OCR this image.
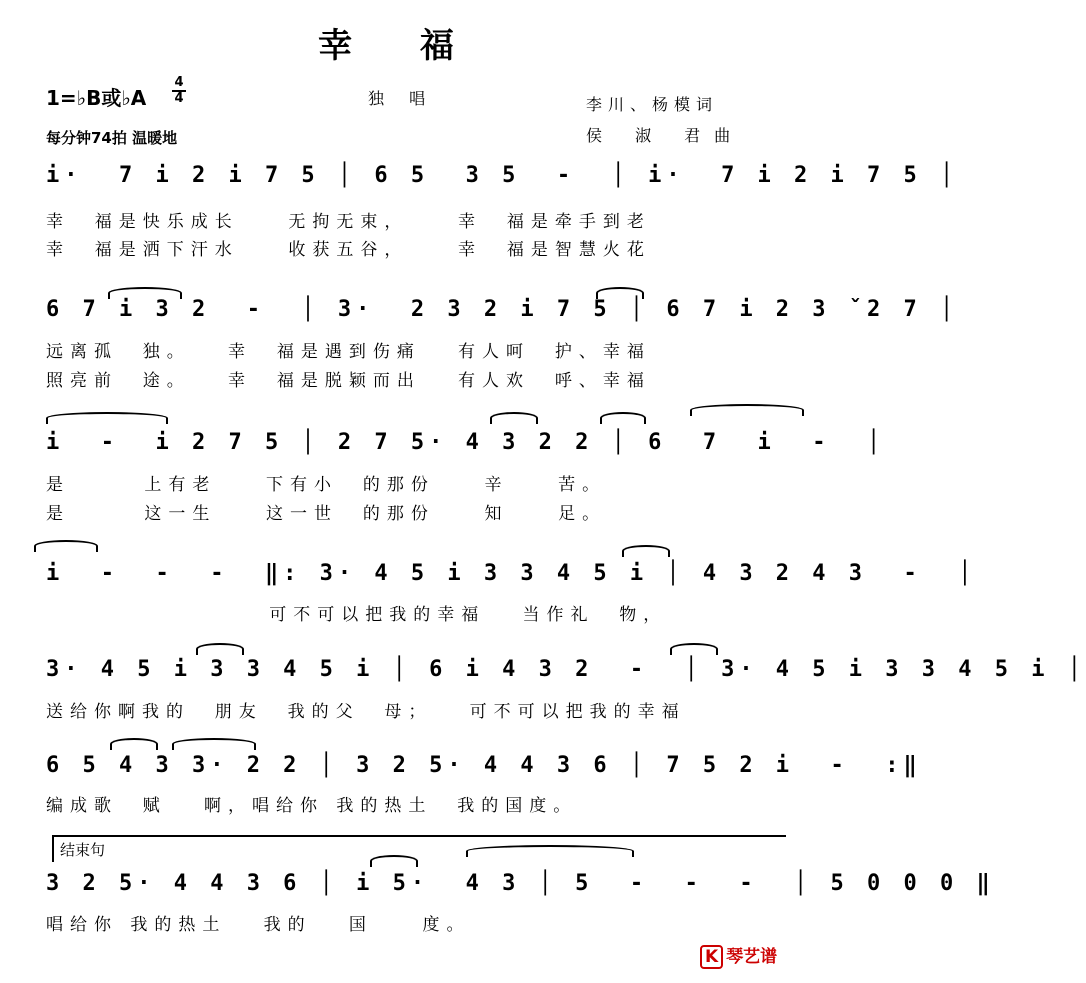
幸 福
1=♭B或♭A
4
4
每分钟74拍 温暖地
独 唱	李川、杨模词
侯 淑 君曲
i·  7 i 2 i 7 5 │ 6 5  3 5  -  │ i·  7 i 2 i 7 5 │
幸  福是快乐成长    无拘无束，    幸  福是牵手到老
幸  福是洒下汗水    收获五谷，    幸  福是智慧火花
6 7 i 3 2  -  │ 3·  2 3 2 i 7 5 │ 6 7 i 2 3 ˇ2 7 │
远离孤  独。   幸  福是遇到伤痛   有人呵  护、幸福
照亮前  途。   幸  福是脱颖而出   有人欢  呼、幸福
i  -  i 2 7 5 │ 2 7 5· 4 3 2 2 │ 6  7  i  -  │
是      上有老    下有小  的那份    辛    苦。
是      这一生    这一世  的那份    知    足。
i  -  -  -  ‖: 3· 4 5 i 3 3 4 5 i │ 4 3 2 4 3  -  │
可不可以把我的幸福   当作礼  物，
3· 4 5 i 3 3 4 5 i │ 6 i 4 3 2  -  │ 3· 4 5 i 3 3 4 5 i │
送给你啊我的  朋友  我的父  母；   可不可以把我的幸福
6 5 4 3 3· 2 2 │ 3 2 5· 4 4 3 6 │ 7 5 2 i  -  :‖
编成歌  赋   啊，唱给你 我的热土  我的国度。
结束句
3 2 5· 4 4 3 6 │ i 5·  4 3 │ 5  -  -  -  │ 5 0 0 0 ‖
唱给你 我的热土   我的   国    度。
K 琴艺谱
